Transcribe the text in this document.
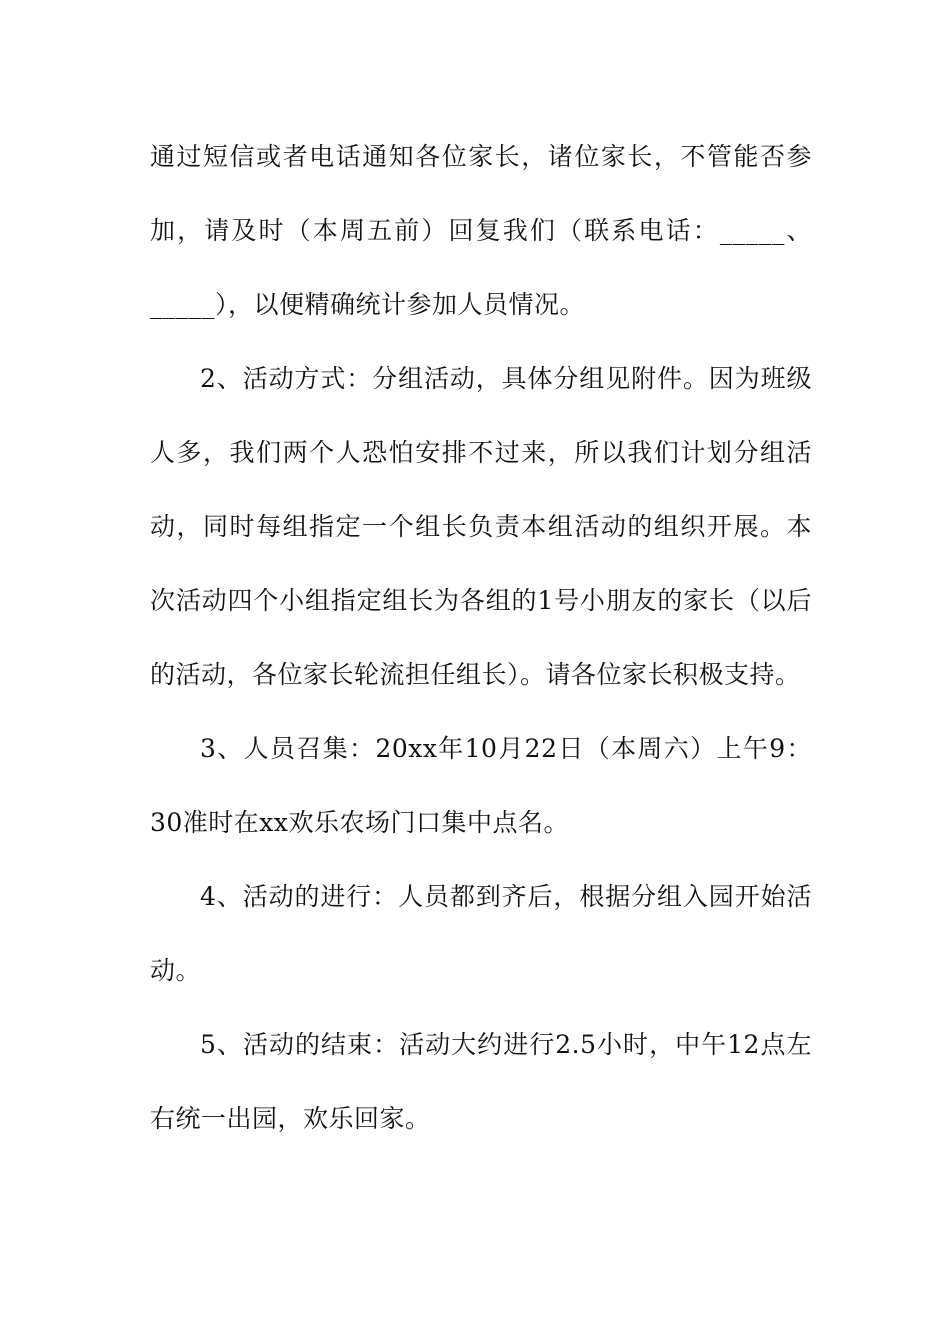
通过短信或者电话通知各位家长，诸位家长，不管能否参加，请及时（本周五前）回复我们（联系电话：_____、_____），以便精确统计参加人员情况。

2、活动方式：分组活动，具体分组见附件。因为班级人多，我们两个人恐怕安排不过来，所以我们计划分组活动，同时每组指定一个组长负责本组活动的组织开展。本次活动四个小组指定组长为各组的1号小朋友的家长（以后的活动，各位家长轮流担任组长）。请各位家长积极支持。

3、人员召集：20xx年10月22日（本周六）上午9：30准时在xx欢乐农场门口集中点名。

4、活动的进行：人员都到齐后，根据分组入园开始活动。

5、活动的结束：活动大约进行2.5小时，中午12点左右统一出园，欢乐回家。
